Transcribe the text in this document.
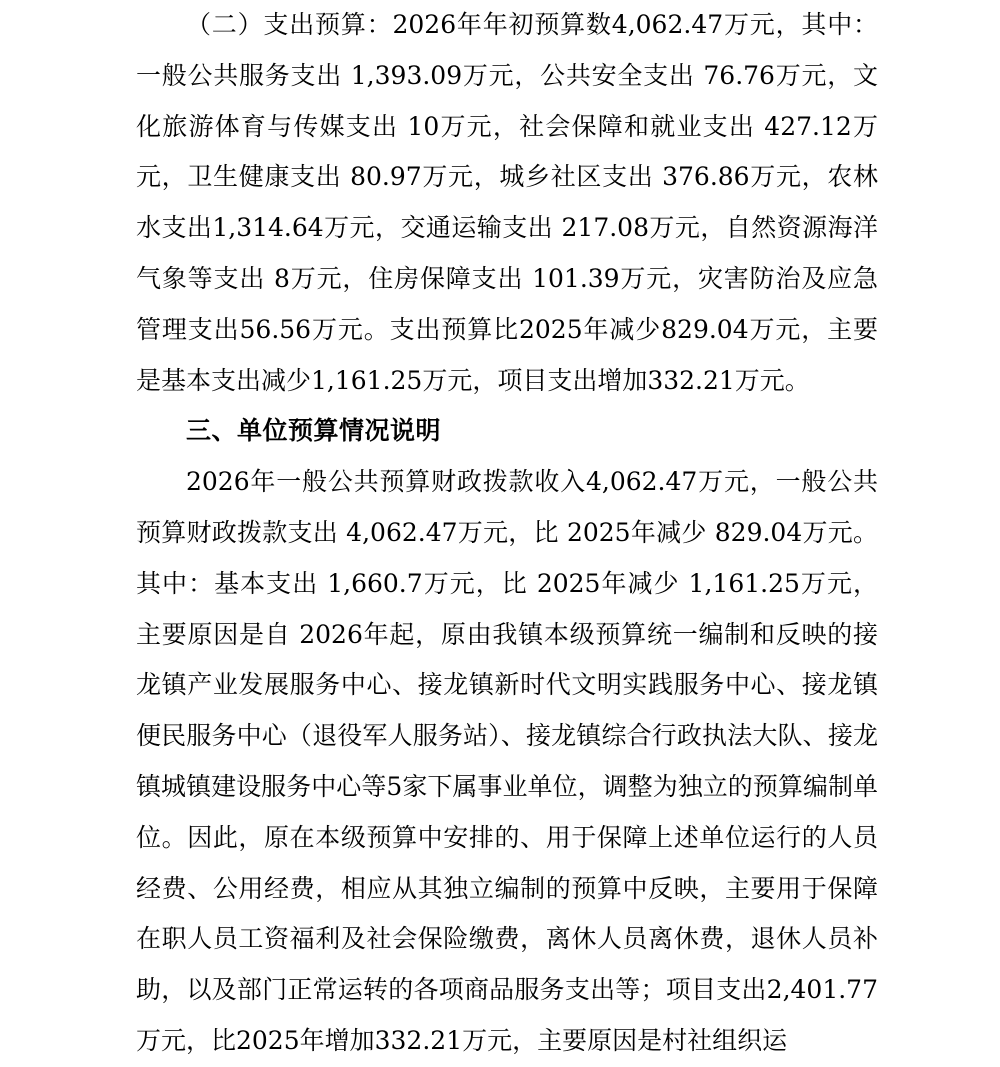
（二）支出预算：2026年年初预算数4,062.47万元，其中：一般公共服务支出 1,393.09万元，公共安全支出 76.76万元，文化旅游体育与传媒支出 10万元，社会保障和就业支出 427.12万元，卫生健康支出 80.97万元，城乡社区支出 376.86万元，农林水支出1,314.64万元，交通运输支出 217.08万元，自然资源海洋气象等支出 8万元，住房保障支出 101.39万元，灾害防治及应急管理支出56.56万元。支出预算比2025年减少829.04万元，主要是基本支出减少1,161.25万元，项目支出增加332.21万元。

三、单位预算情况说明

2026年一般公共预算财政拨款收入4,062.47万元，一般公共预算财政拨款支出 4,062.47万元，比 2025年减少 829.04万元。其中：基本支出 1,660.7万元，比 2025年减少 1,161.25万元，主要原因是自 2026年起，原由我镇本级预算统一编制和反映的接龙镇产业发展服务中心、接龙镇新时代文明实践服务中心、接龙镇便民服务中心（退役军人服务站）、接龙镇综合行政执法大队、接龙镇城镇建设服务中心等5家下属事业单位，调整为独立的预算编制单位。因此，原在本级预算中安排的、用于保障上述单位运行的人员经费、公用经费，相应从其独立编制的预算中反映，主要用于保障在职人员工资福利及社会保险缴费，离休人员离休费，退休人员补助，以及部门正常运转的各项商品服务支出等；项目支出2,401.77万元，比2025年增加332.21万元，主要原因是村社组织运
